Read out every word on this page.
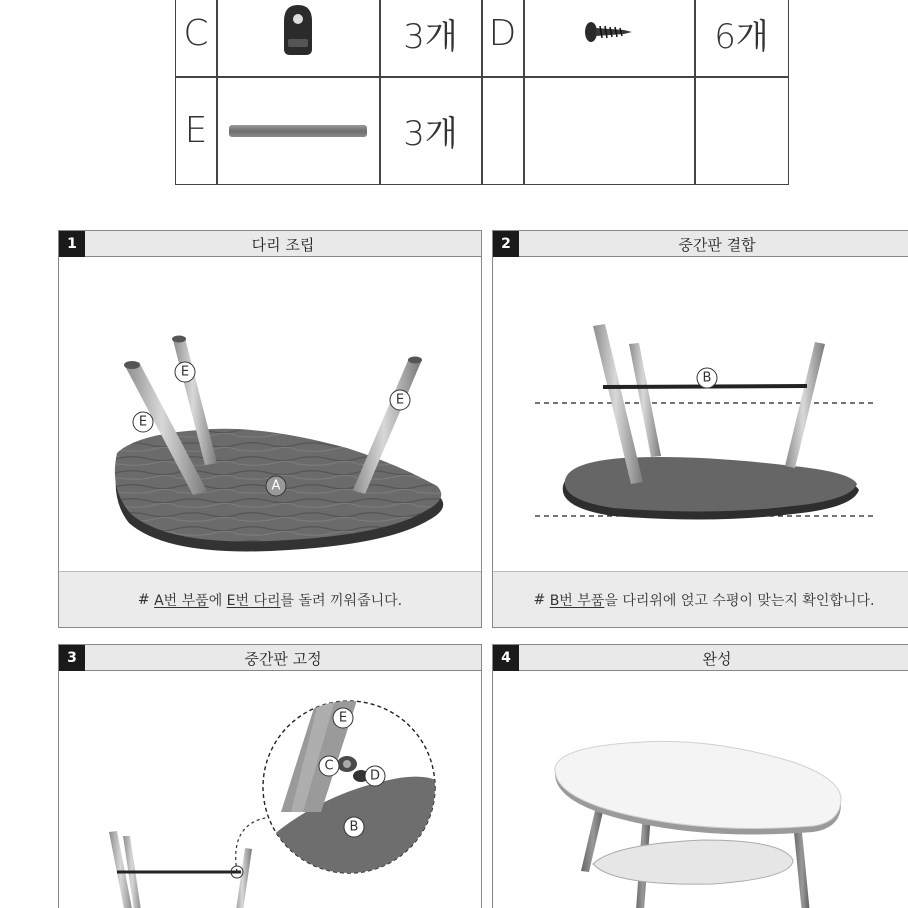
C	3개 D	6개
E	3개
1	다리 조립
E
E
E
A
# A번 부품 에 E번 다리 를 돌려 끼워줍니다.
2	중간판 결합
B
# B번 부품 을 다리위에 얹고 수평이 맞는지 확인합니다.
3	중간판 고정
E
C
D
B
4	완성
